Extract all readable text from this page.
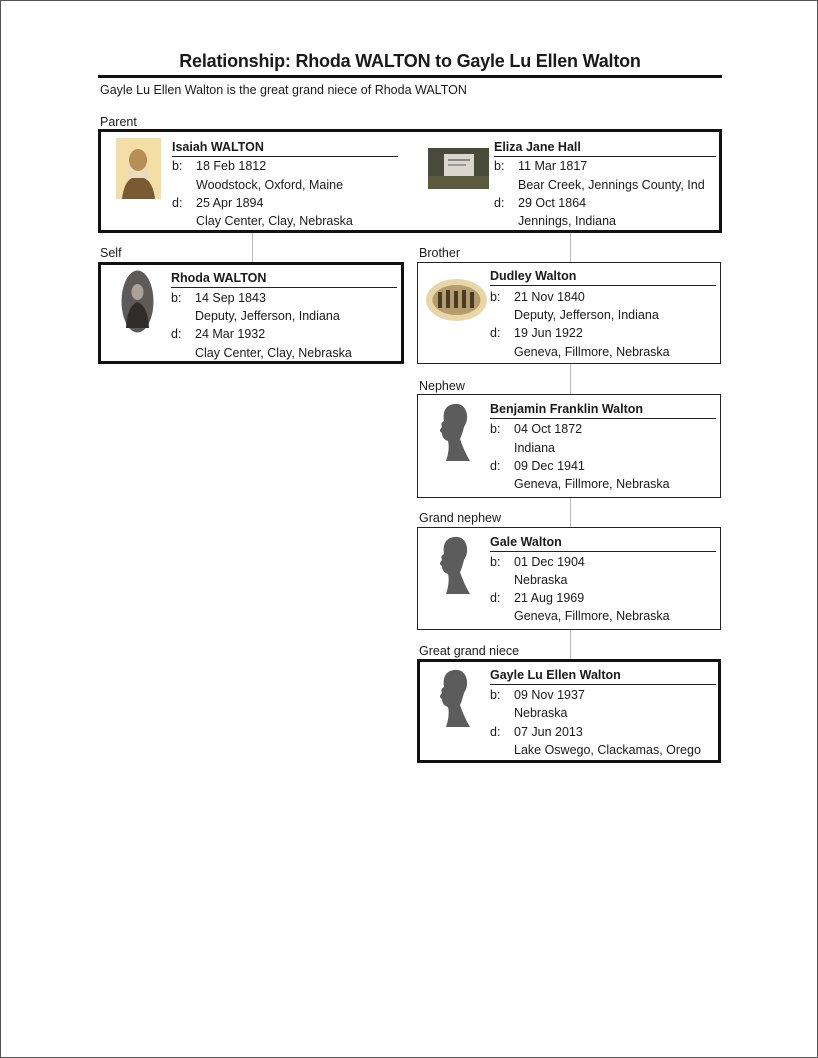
Relationship: Rhoda WALTON to Gayle Lu Ellen Walton
Gayle Lu Ellen Walton is the great grand niece of Rhoda WALTON
Parent
Isaiah WALTON
b: 18 Feb 1812
Woodstock, Oxford, Maine
d: 25 Apr 1894
Clay Center, Clay, Nebraska
Eliza Jane Hall
b: 11 Mar 1817
Bear Creek, Jennings County, Ind
d: 29 Oct 1864
Jennings, Indiana
Self
Rhoda WALTON
b: 14 Sep 1843
Deputy, Jefferson, Indiana
d: 24 Mar 1932
Clay Center, Clay, Nebraska
Brother
Dudley Walton
b: 21 Nov 1840
Deputy, Jefferson, Indiana
d: 19 Jun 1922
Geneva, Fillmore, Nebraska
Nephew
Benjamin Franklin Walton
b: 04 Oct 1872
Indiana
d: 09 Dec 1941
Geneva, Fillmore, Nebraska
Grand nephew
Gale Walton
b: 01 Dec 1904
Nebraska
d: 21 Aug 1969
Geneva, Fillmore, Nebraska
Great grand niece
Gayle Lu Ellen Walton
b: 09 Nov 1937
Nebraska
d: 07 Jun 2013
Lake Oswego, Clackamas, Orego
